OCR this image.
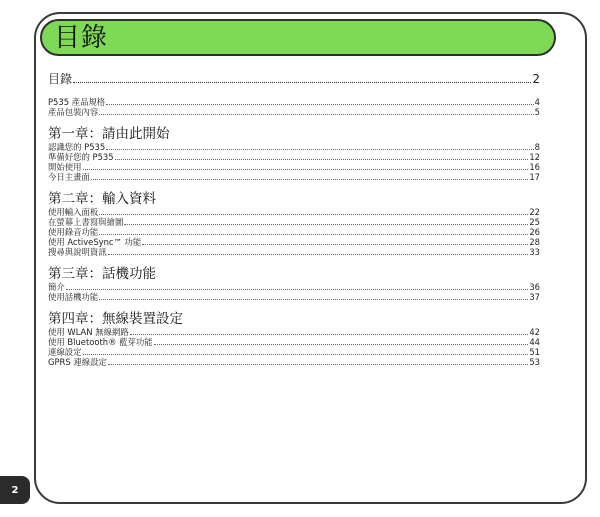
目錄
目錄	2
P535 產品規格	4
產品包裝內容	5
第一章：請由此開始
認識您的 P535	8
準備好您的 P535	12
開始使用	16
今日主畫面	17
第二章：輸入資料
使用輸入面板	22
在螢幕上書寫與繪圖	25
使用錄音功能	26
使用 ActiveSync™ 功能	28
搜尋與說明資訊	33
第三章：話機功能
簡介	36
使用話機功能	37
第四章：無線裝置設定
使用 WLAN 無線網路	42
使用 Bluetooth® 藍芽功能	44
連線設定	51
GPRS 連線設定	53
2
